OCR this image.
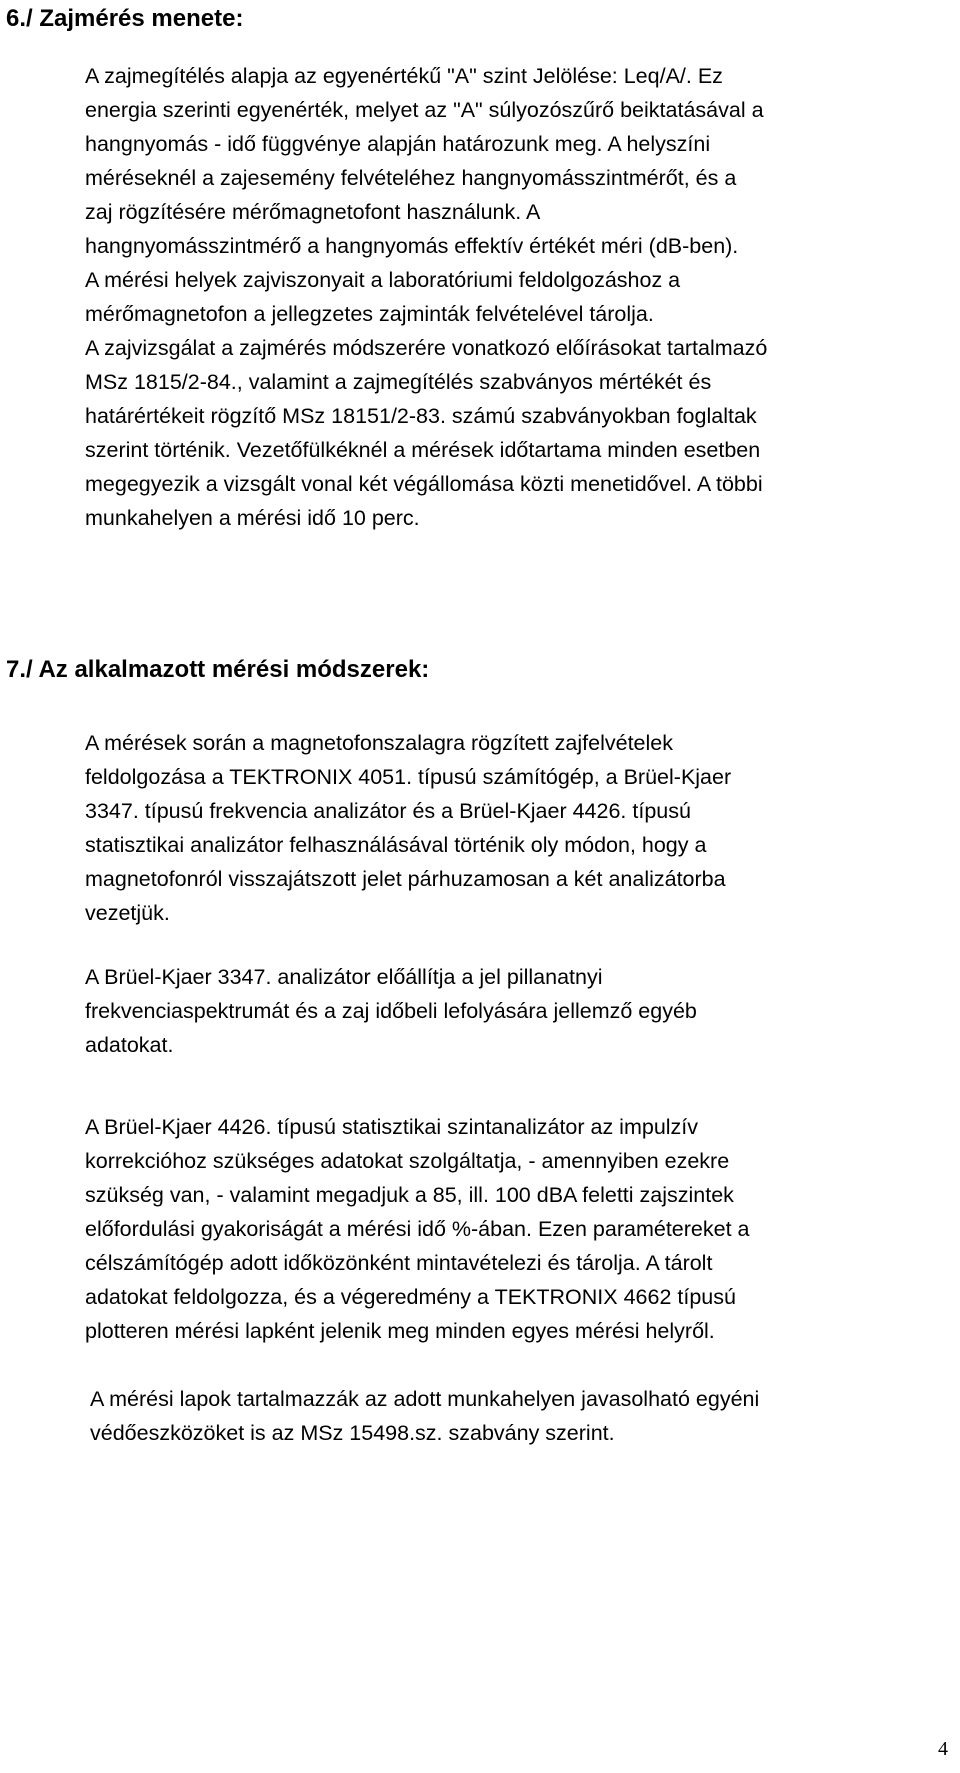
6./ Zajmérés menete:
A zajmegítélés alapja az egyenértékű "A" szint Jelölése: Leq/A/. Ez
energia szerinti egyenérték, melyet az "A" súlyozószűrő beiktatásával a
hangnyomás - idő függvénye alapján határozunk meg. A helyszíni
méréseknél a zajesemény felvételéhez hangnyomásszintmérőt, és a
zaj rögzítésére mérőmagnetofont használunk. A
hangnyomásszintmérő a hangnyomás effektív értékét méri (dB-ben).
A mérési helyek zajviszonyait a laboratóriumi feldolgozáshoz a
mérőmagnetofon a jellegzetes zajminták felvételével tárolja.
A zajvizsgálat a zajmérés módszerére vonatkozó előírásokat tartalmazó
MSz 1815/2-84., valamint a zajmegítélés szabványos mértékét és
határértékeit rögzítő MSz 18151/2-83. számú szabványokban foglaltak
szerint történik. Vezetőfülkéknél a mérések időtartama minden esetben
megegyezik a vizsgált vonal két végállomása közti menetidővel. A többi
munkahelyen a mérési idő 10 perc.
7./ Az alkalmazott mérési módszerek:
A mérések során a magnetofonszalagra rögzített zajfelvételek
feldolgozása a TEKTRONIX 4051. típusú számítógép, a Brüel-Kjaer
3347. típusú frekvencia analizátor és a Brüel-Kjaer 4426. típusú
statisztikai analizátor felhasználásával történik oly módon, hogy a
magnetofonról visszajátszott jelet párhuzamosan a két analizátorba
vezetjük.
A Brüel-Kjaer 3347. analizátor előállítja a jel pillanatnyi
frekvenciaspektrumát és a zaj időbeli lefolyására jellemző egyéb
adatokat.
A Brüel-Kjaer 4426. típusú statisztikai szintanalizátor az impulzív
korrekcióhoz szükséges adatokat szolgáltatja, - amennyiben ezekre
szükség van, - valamint megadjuk a 85, ill. 100 dBA feletti zajszintek
előfordulási gyakoriságát a mérési idő %-ában. Ezen paramétereket a
célszámítógép adott időközönként mintavételezi és tárolja. A tárolt
adatokat feldolgozza, és a végeredmény a TEKTRONIX 4662 típusú
plotteren mérési lapként jelenik meg minden egyes mérési helyről.
A mérési lapok tartalmazzák az adott munkahelyen javasolható egyéni
védőeszközöket is az MSz 15498.sz. szabvány szerint.
4
